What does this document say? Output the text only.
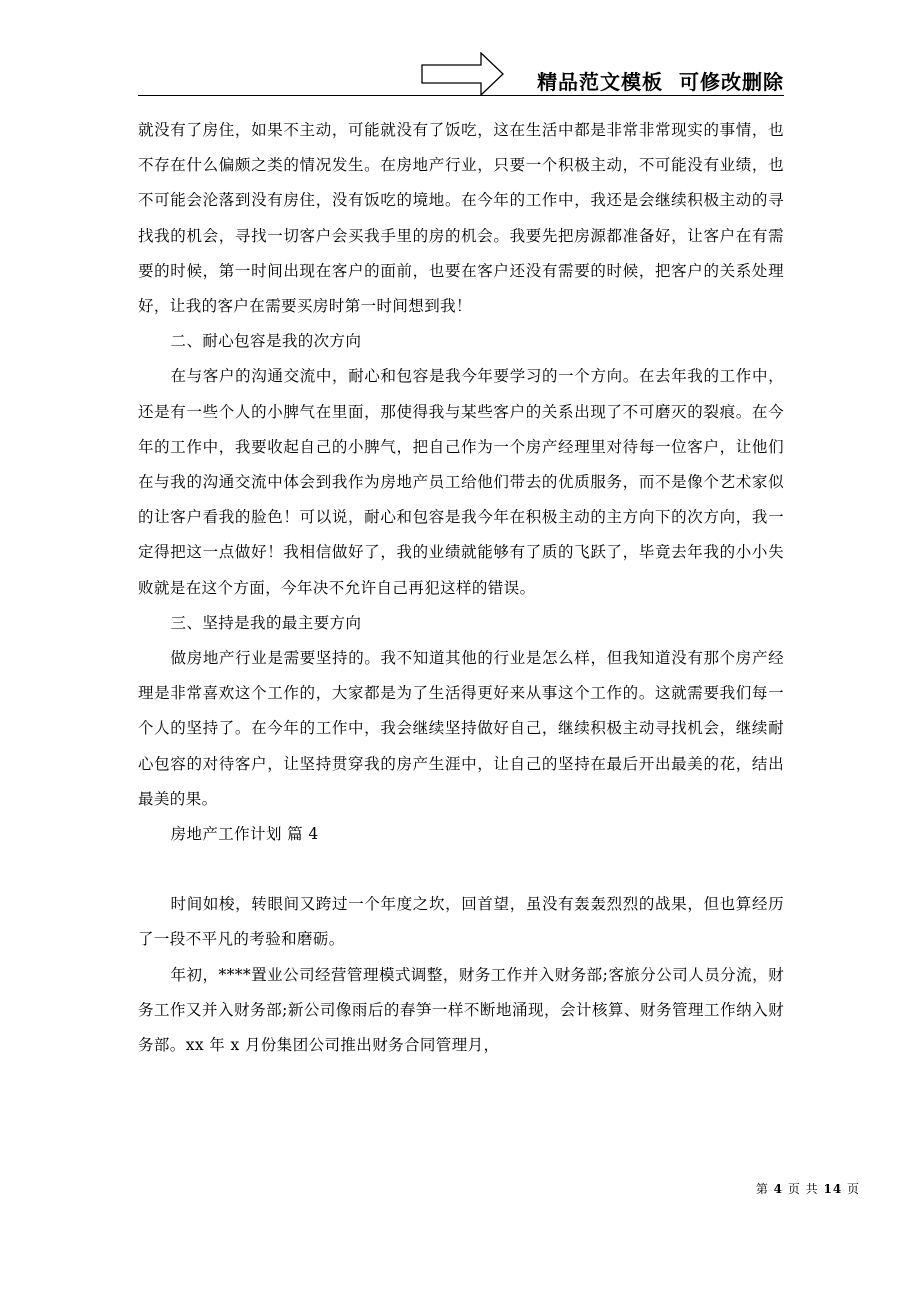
精品范文模板  可修改删除

就没有了房住，如果不主动，可能就没有了饭吃，这在生活中都是非常非常现实的事情，也不存在什么偏颇之类的情况发生。在房地产行业，只要一个积极主动，不可能没有业绩，也不可能会沦落到没有房住，没有饭吃的境地。在今年的工作中，我还是会继续积极主动的寻找我的机会，寻找一切客户会买我手里的房的机会。我要先把房源都准备好，让客户在有需要的时候，第一时间出现在客户的面前，也要在客户还没有需要的时候，把客户的关系处理好，让我的客户在需要买房时第一时间想到我！

二、耐心包容是我的次方向

在与客户的沟通交流中，耐心和包容是我今年要学习的一个方向。在去年我的工作中，还是有一些个人的小脾气在里面，那使得我与某些客户的关系出现了不可磨灭的裂痕。在今年的工作中，我要收起自己的小脾气，把自己作为一个房产经理里对待每一位客户，让他们在与我的沟通交流中体会到我作为房地产员工给他们带去的优质服务，而不是像个艺术家似的让客户看我的脸色！可以说，耐心和包容是我今年在积极主动的主方向下的次方向，我一定得把这一点做好！我相信做好了，我的业绩就能够有了质的飞跃了，毕竟去年我的小小失败就是在这个方面，今年决不允许自己再犯这样的错误。

三、坚持是我的最主要方向

做房地产行业是需要坚持的。我不知道其他的行业是怎么样，但我知道没有那个房产经理是非常喜欢这个工作的，大家都是为了生活得更好来从事这个工作的。这就需要我们每一个人的坚持了。在今年的工作中，我会继续坚持做好自己，继续积极主动寻找机会，继续耐心包容的对待客户，让坚持贯穿我的房产生涯中，让自己的坚持在最后开出最美的花，结出最美的果。

房地产工作计划 篇 4

时间如梭，转眼间又跨过一个年度之坎，回首望，虽没有轰轰烈烈的战果，但也算经历了一段不平凡的考验和磨砺。

年初，****置业公司经营管理模式调整，财务工作并入财务部;客旅分公司人员分流，财务工作又并入财务部;新公司像雨后的春笋一样不断地涌现，会计核算、财务管理工作纳入财务部。xx 年 x 月份集团公司推出财务合同管理月，

第 4 页 共 14 页
